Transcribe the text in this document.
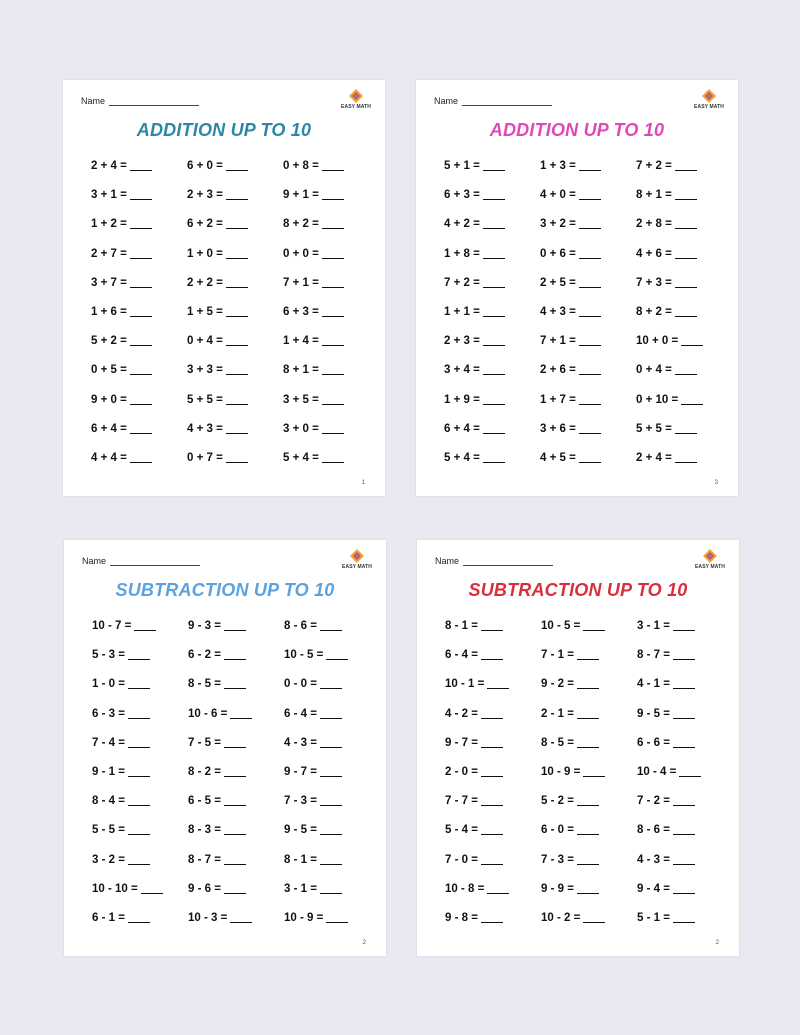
Name
EASY MATH
ADDITION UP TO 10
2 + 4 =	6 + 0 =	0 + 8 =
3 + 1 =	2 + 3 =	9 + 1 =
1 + 2 =	6 + 2 =	8 + 2 =
2 + 7 =	1 + 0 =	0 + 0 =
3 + 7 =	2 + 2 =	7 + 1 =
1 + 6 =	1 + 5 =	6 + 3 =
5 + 2 =	0 + 4 =	1 + 4 =
0 + 5 =	3 + 3 =	8 + 1 =
9 + 0 =	5 + 5 =	3 + 5 =
6 + 4 =	4 + 3 =	3 + 0 =
4 + 4 =	0 + 7 =	5 + 4 =
1
Name
EASY MATH
ADDITION UP TO 10
5 + 1 =	1 + 3 =	7 + 2 =
6 + 3 =	4 + 0 =	8 + 1 =
4 + 2 =	3 + 2 =	2 + 8 =
1 + 8 =	0 + 6 =	4 + 6 =
7 + 2 =	2 + 5 =	7 + 3 =
1 + 1 =	4 + 3 =	8 + 2 =
2 + 3 =	7 + 1 =	10 + 0 =
3 + 4 =	2 + 6 =	0 + 4 =
1 + 9 =	1 + 7 =	0 + 10 =
6 + 4 =	3 + 6 =	5 + 5 =
5 + 4 =	4 + 5 =	2 + 4 =
3
Name
EASY MATH
SUBTRACTION UP TO 10
10 - 7 =	9 - 3 =	8 - 6 =
5 - 3 =	6 - 2 =	10 - 5 =
1 - 0 =	8 - 5 =	0 - 0 =
6 - 3 =	10 - 6 =	6 - 4 =
7 - 4 =	7 - 5 =	4 - 3 =
9 - 1 =	8 - 2 =	9 - 7 =
8 - 4 =	6 - 5 =	7 - 3 =
5 - 5 =	8 - 3 =	9 - 5 =
3 - 2 =	8 - 7 =	8 - 1 =
10 - 10 =	9 - 6 =	3 - 1 =
6 - 1 =	10 - 3 =	10 - 9 =
2
Name
EASY MATH
SUBTRACTION UP TO 10
8 - 1 =	10 - 5 =	3 - 1 =
6 - 4 =	7 - 1 =	8 - 7 =
10 - 1 =	9 - 2 =	4 - 1 =
4 - 2 =	2 - 1 =	9 - 5 =
9 - 7 =	8 - 5 =	6 - 6 =
2 - 0 =	10 - 9 =	10 - 4 =
7 - 7 =	5 - 2 =	7 - 2 =
5 - 4 =	6 - 0 =	8 - 6 =
7 - 0 =	7 - 3 =	4 - 3 =
10 - 8 =	9 - 9 =	9 - 4 =
9 - 8 =	10 - 2 =	5 - 1 =
2
